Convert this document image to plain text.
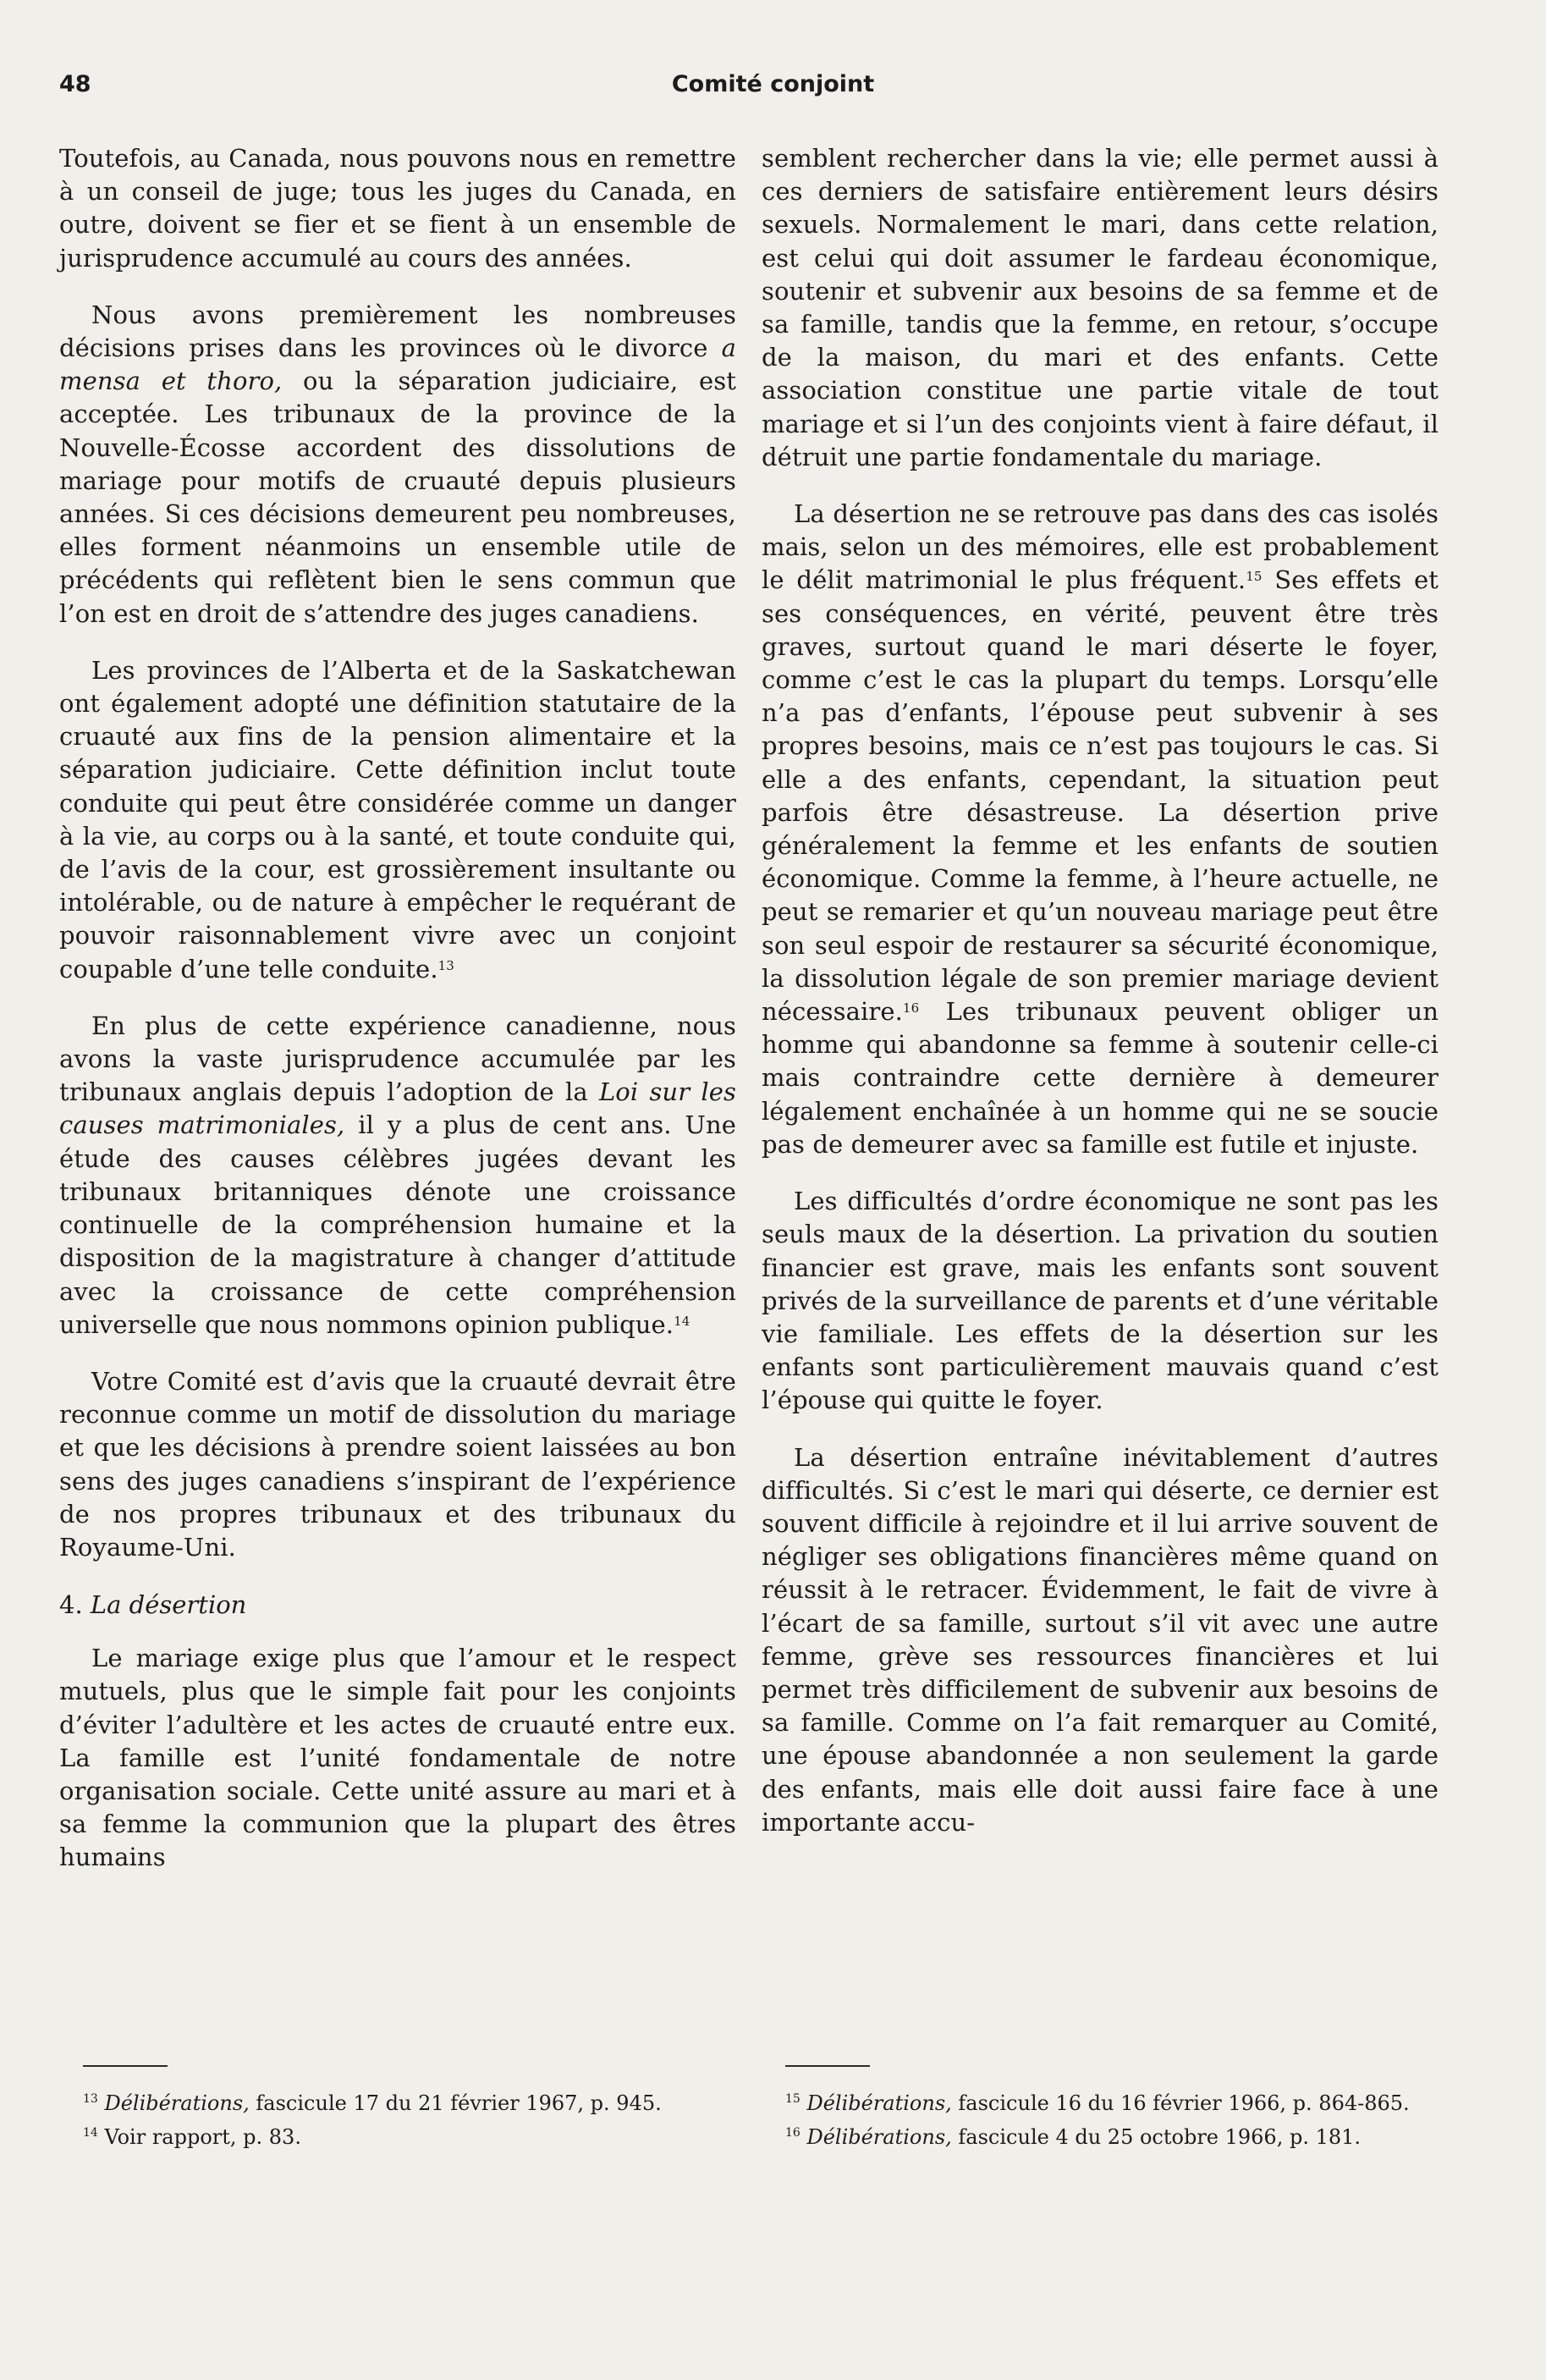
48	Comité conjoint

Toutefois, au Canada, nous pouvons nous en remettre à un conseil de juge; tous les juges du Canada, en outre, doivent se fier et se fient à un ensemble de jurisprudence accumulé au cours des années.

Nous avons premièrement les nombreuses décisions prises dans les provinces où le divorce a mensa et thoro, ou la séparation judiciaire, est acceptée. Les tribunaux de la province de la Nouvelle-Écosse accordent des dissolutions de mariage pour motifs de cruauté depuis plusieurs années. Si ces décisions demeurent peu nombreuses, elles forment néanmoins un ensemble utile de précédents qui reflètent bien le sens commun que l’on est en droit de s’attendre des juges canadiens.

Les provinces de l’Alberta et de la Saskatchewan ont également adopté une définition statutaire de la cruauté aux fins de la pension alimentaire et la séparation judiciaire. Cette définition inclut toute conduite qui peut être considérée comme un danger à la vie, au corps ou à la santé, et toute conduite qui, de l’avis de la cour, est grossièrement insultante ou intolérable, ou de nature à empêcher le requérant de pouvoir raisonnablement vivre avec un conjoint coupable d’une telle conduite.$^{13}$

En plus de cette expérience canadienne, nous avons la vaste jurisprudence accumulée par les tribunaux anglais depuis l’adoption de la Loi sur les causes matrimoniales, il y a plus de cent ans. Une étude des causes célèbres jugées devant les tribunaux britanniques dénote une croissance continuelle de la compréhension humaine et la disposition de la magistrature à changer d’attitude avec la croissance de cette compréhension universelle que nous nommons opinion publique.$^{14}$

Votre Comité est d’avis que la cruauté devrait être reconnue comme un motif de dissolution du mariage et que les décisions à prendre soient laissées au bon sens des juges canadiens s’inspirant de l’expérience de nos propres tribunaux et des tribunaux du Royaume-Uni.

4. La désertion

Le mariage exige plus que l’amour et le respect mutuels, plus que le simple fait pour les conjoints d’éviter l’adultère et les actes de cruauté entre eux. La famille est l’unité fondamentale de notre organisation sociale. Cette unité assure au mari et à sa femme la communion que la plupart des êtres humains

semblent rechercher dans la vie; elle permet aussi à ces derniers de satisfaire entièrement leurs désirs sexuels. Normalement le mari, dans cette relation, est celui qui doit assumer le fardeau économique, soutenir et subvenir aux besoins de sa femme et de sa famille, tandis que la femme, en retour, s’occupe de la maison, du mari et des enfants. Cette association constitue une partie vitale de tout mariage et si l’un des conjoints vient à faire défaut, il détruit une partie fondamentale du mariage.

La désertion ne se retrouve pas dans des cas isolés mais, selon un des mémoires, elle est probablement le délit matrimonial le plus fréquent.$^{15}$ Ses effets et ses conséquences, en vérité, peuvent être très graves, surtout quand le mari déserte le foyer, comme c’est le cas la plupart du temps. Lorsqu’elle n’a pas d’enfants, l’épouse peut subvenir à ses propres besoins, mais ce n’est pas toujours le cas. Si elle a des enfants, cependant, la situation peut parfois être désastreuse. La désertion prive généralement la femme et les enfants de soutien économique. Comme la femme, à l’heure actuelle, ne peut se remarier et qu’un nouveau mariage peut être son seul espoir de restaurer sa sécurité économique, la dissolution légale de son premier mariage devient nécessaire.$^{16}$ Les tribunaux peuvent obliger un homme qui abandonne sa femme à soutenir celle-ci mais contraindre cette dernière à demeurer légalement enchaînée à un homme qui ne se soucie pas de demeurer avec sa famille est futile et injuste.

Les difficultés d’ordre économique ne sont pas les seuls maux de la désertion. La privation du soutien financier est grave, mais les enfants sont souvent privés de la surveillance de parents et d’une véritable vie familiale. Les effets de la désertion sur les enfants sont particulièrement mauvais quand c’est l’épouse qui quitte le foyer.

La désertion entraîne inévitablement d’autres difficultés. Si c’est le mari qui déserte, ce dernier est souvent difficile à rejoindre et il lui arrive souvent de négliger ses obligations financières même quand on réussit à le retracer. Évidemment, le fait de vivre à l’écart de sa famille, surtout s’il vit avec une autre femme, grève ses ressources financières et lui permet très difficilement de subvenir aux besoins de sa famille. Comme on l’a fait remarquer au Comité, une épouse abandonnée a non seulement la garde des enfants, mais elle doit aussi faire face à une importante accu-

$^{13}$ Délibérations, fascicule 17 du 21 février 1967, p. 945.

$^{14}$ Voir rapport, p. 83.

$^{15}$ Délibérations, fascicule 16 du 16 février 1966, p. 864-865.

$^{16}$ Délibérations, fascicule 4 du 25 octobre 1966, p. 181.
